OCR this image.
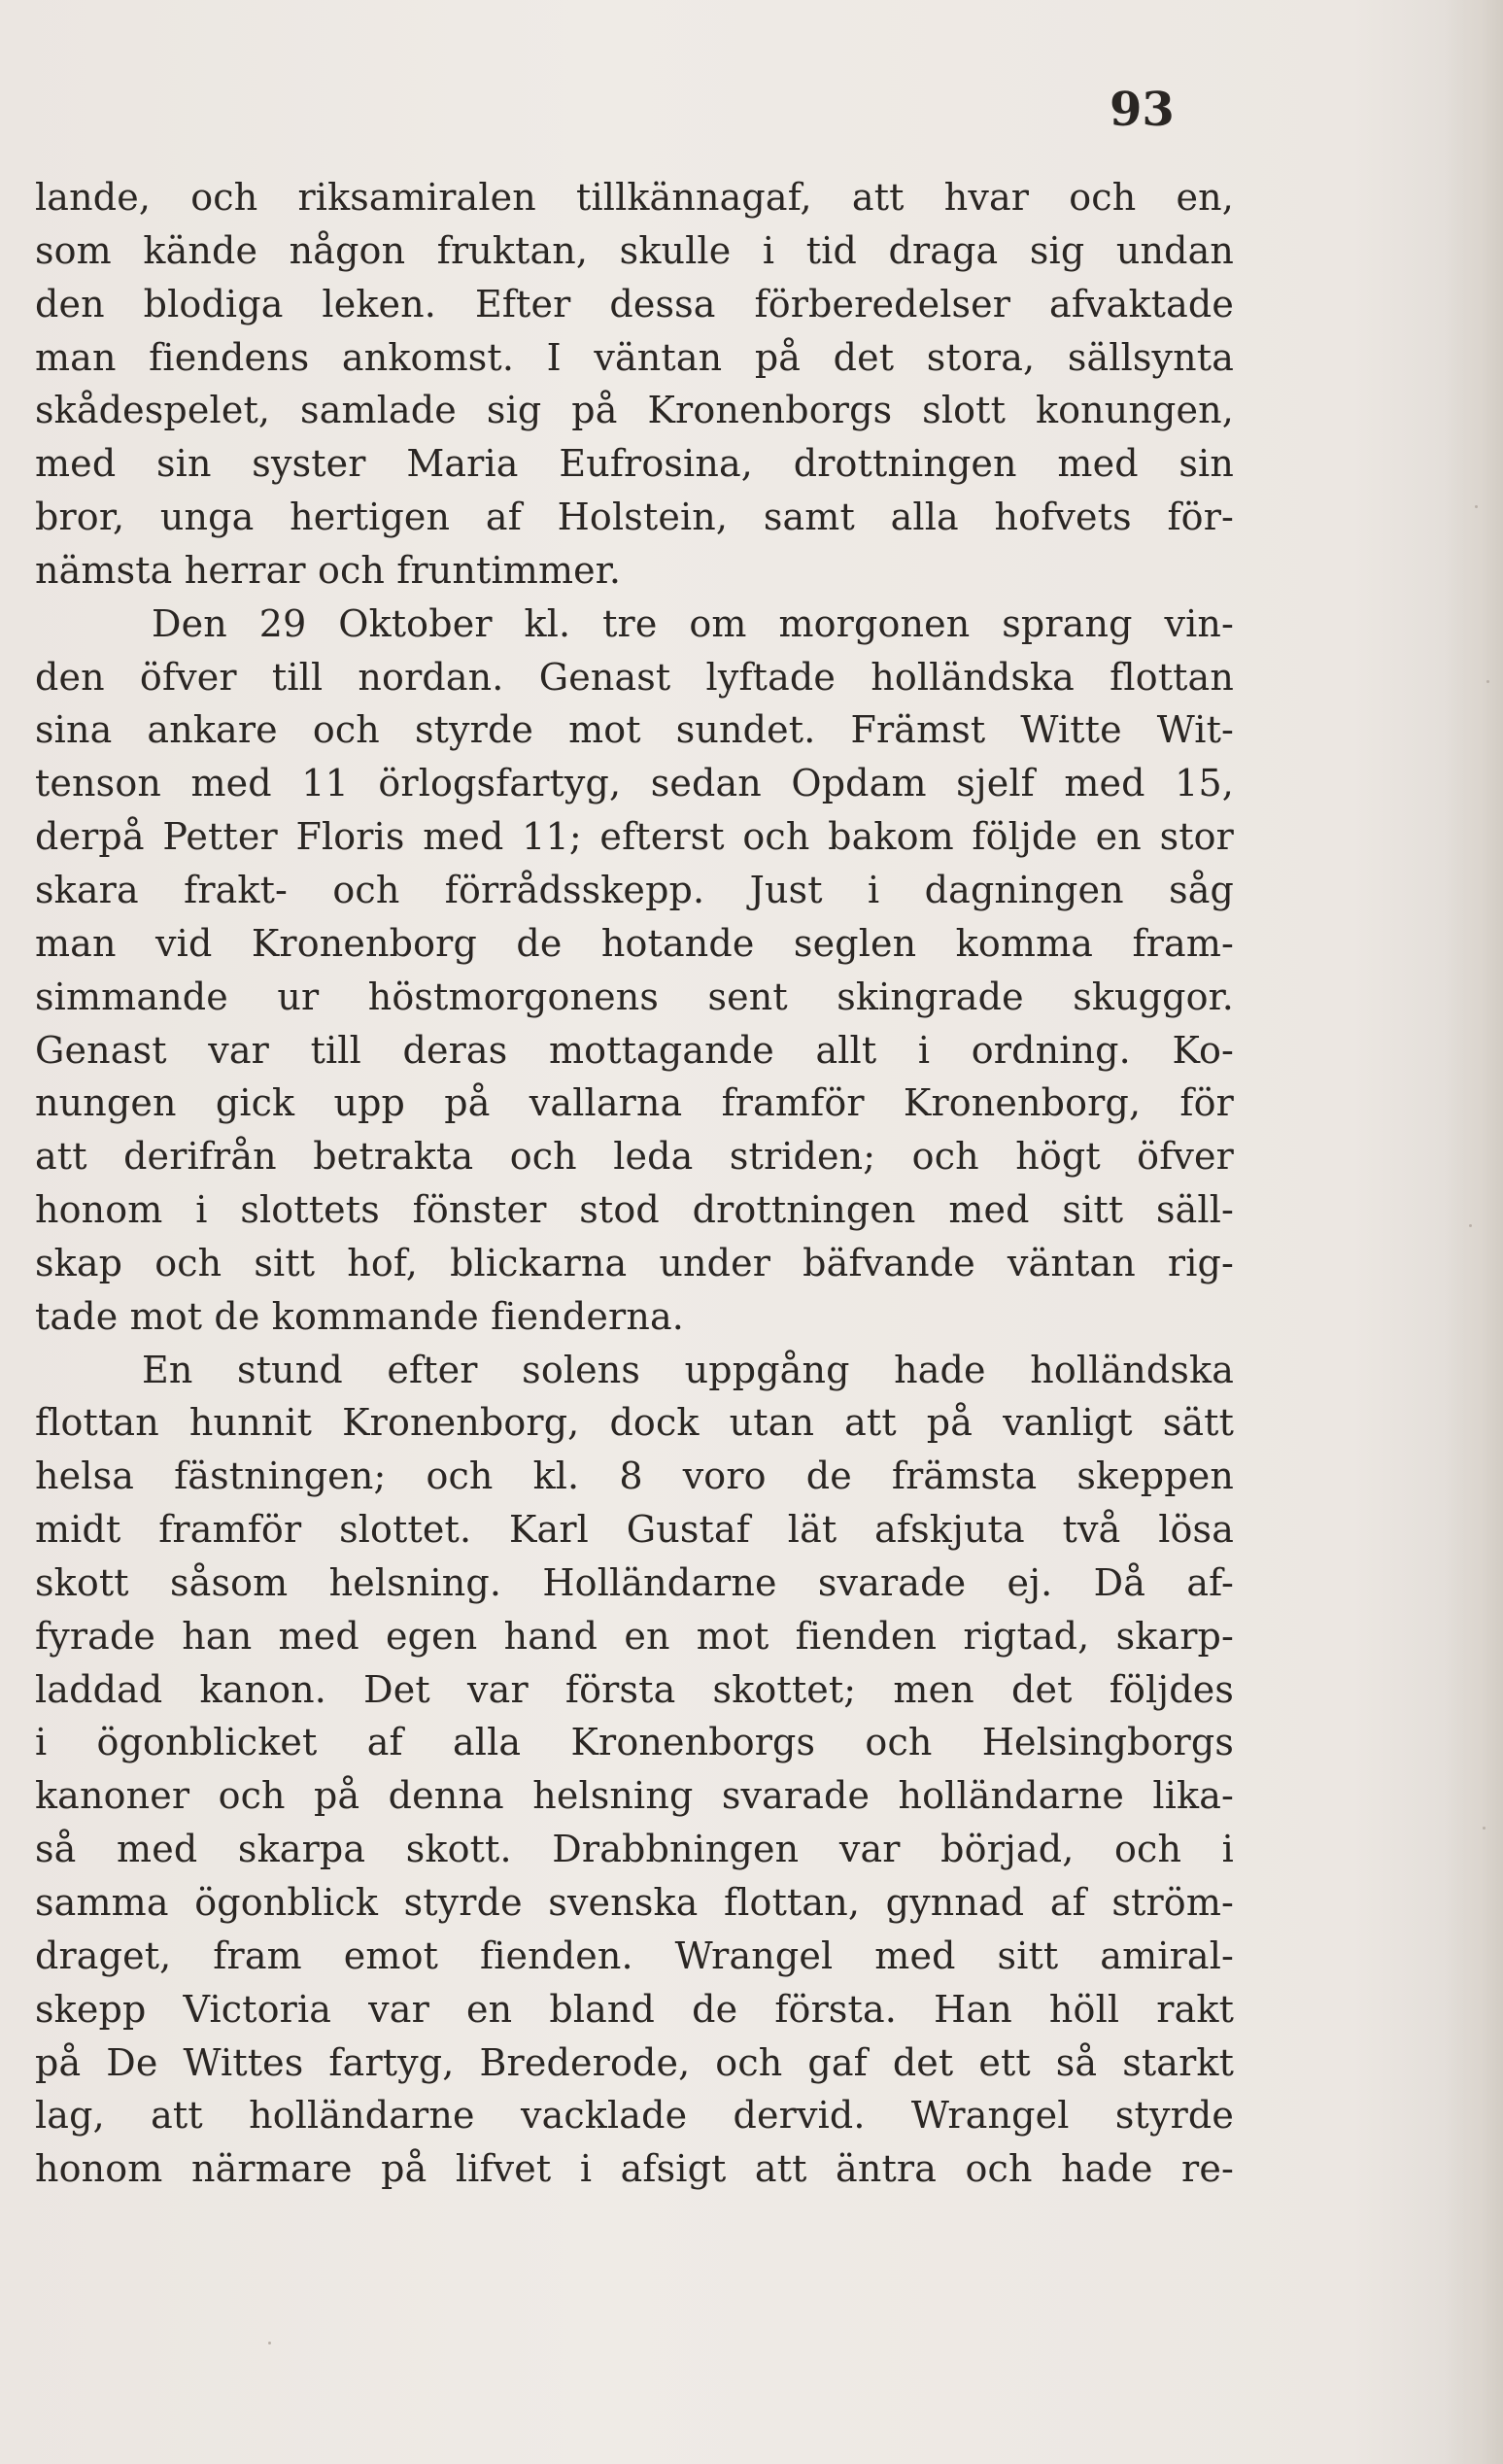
93
lande, och riksamiralen tillkännagaf, att hvar och en,
som kände någon fruktan, skulle i tid draga sig undan
den blodiga leken. Efter dessa förberedelser afvaktade
man fiendens ankomst. I väntan på det stora, sällsynta
skådespelet, samlade sig på Kronenborgs slott konungen,
med sin syster Maria Eufrosina, drottningen med sin
bror, unga hertigen af Holstein, samt alla hofvets för-
nämsta herrar och fruntimmer.
Den 29 Oktober kl. tre om morgonen sprang vin-
den öfver till nordan. Genast lyftade holländska flottan
sina ankare och styrde mot sundet. Främst Witte Wit-
tenson med 11 örlogsfartyg, sedan Opdam sjelf med 15,
derpå Petter Floris med 11; efterst och bakom följde en stor
skara frakt- och förrådsskepp. Just i dagningen såg
man vid Kronenborg de hotande seglen komma fram-
simmande ur höstmorgonens sent skingrade skuggor.
Genast var till deras mottagande allt i ordning. Ko-
nungen gick upp på vallarna framför Kronenborg, för
att derifrån betrakta och leda striden; och högt öfver
honom i slottets fönster stod drottningen med sitt säll-
skap och sitt hof, blickarna under bäfvande väntan rig-
tade mot de kommande fienderna.
En stund efter solens uppgång hade holländska
flottan hunnit Kronenborg, dock utan att på vanligt sätt
helsa fästningen; och kl. 8 voro de främsta skeppen
midt framför slottet. Karl Gustaf lät afskjuta två lösa
skott såsom helsning. Holländarne svarade ej. Då af-
fyrade han med egen hand en mot fienden rigtad, skarp-
laddad kanon. Det var första skottet; men det följdes
i ögonblicket af alla Kronenborgs och Helsingborgs
kanoner och på denna helsning svarade holländarne lika-
så med skarpa skott. Drabbningen var börjad, och i
samma ögonblick styrde svenska flottan, gynnad af ström-
draget, fram emot fienden. Wrangel med sitt amiral-
skepp Victoria var en bland de första. Han höll rakt
på De Wittes fartyg, Brederode, och gaf det ett så starkt
lag, att holländarne vacklade dervid. Wrangel styrde
honom närmare på lifvet i afsigt att äntra och hade re-
